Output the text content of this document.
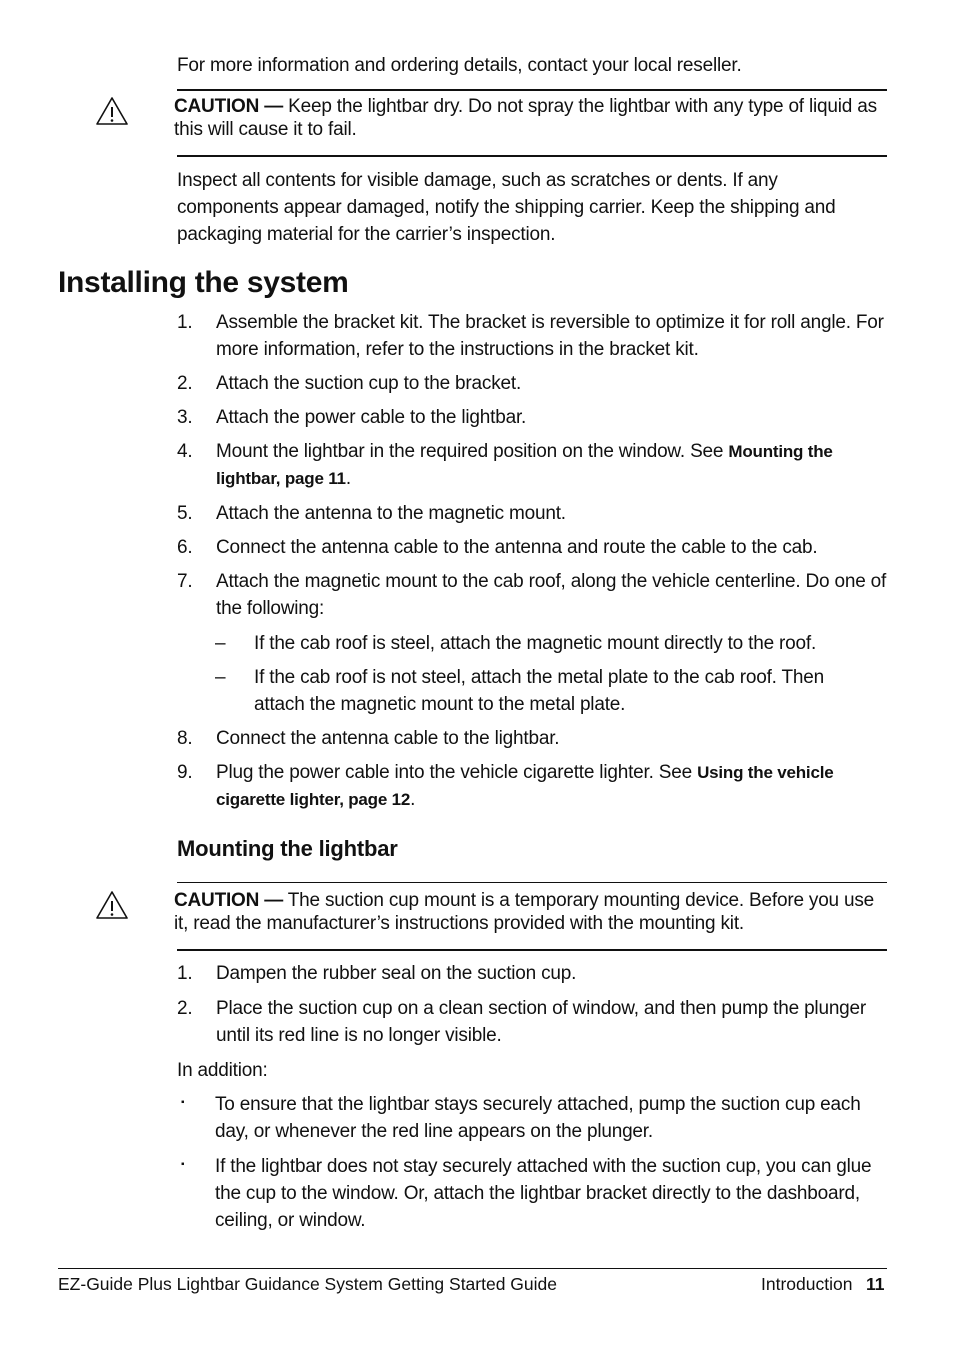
For more information and ordering details, contact your local reseller.
CAUTION — Keep the lightbar dry. Do not spray the lightbar with any type of liquid as this will cause it to fail.
Inspect all contents for visible damage, such as scratches or dents. If any components appear damaged, notify the shipping carrier. Keep the shipping and packaging material for the carrier’s inspection.
Installing the system
1.	Assemble the bracket kit. The bracket is reversible to optimize it for roll angle. For more information, refer to the instructions in the bracket kit.
2.	Attach the suction cup to the bracket.
3.	Attach the power cable to the lightbar.
4.	Mount the lightbar in the required position on the window. See Mounting the lightbar, page 11.
5.	Attach the antenna to the magnetic mount.
6.	Connect the antenna cable to the antenna and route the cable to the cab.
7.	Attach the magnetic mount to the cab roof, along the vehicle centerline. Do one of the following:
– If the cab roof is steel, attach the magnetic mount directly to the roof.
– If the cab roof is not steel, attach the metal plate to the cab roof. Then attach the magnetic mount to the metal plate.
8.	Connect the antenna cable to the lightbar.
9.	Plug the power cable into the vehicle cigarette lighter. See Using the vehicle cigarette lighter, page 12.
Mounting the lightbar
CAUTION — The suction cup mount is a temporary mounting device. Before you use it, read the manufacturer’s instructions provided with the mounting kit.
1.	Dampen the rubber seal on the suction cup.
2.	Place the suction cup on a clean section of window, and then pump the plunger until its red line is no longer visible.
In addition:
▪ To ensure that the lightbar stays securely attached, pump the suction cup each day, or whenever the red line appears on the plunger.
▪ If the lightbar does not stay securely attached with the suction cup, you can glue the cup to the window. Or, attach the lightbar bracket directly to the dashboard, ceiling, or window.
EZ-Guide Plus Lightbar Guidance System Getting Started Guide	Introduction 11
